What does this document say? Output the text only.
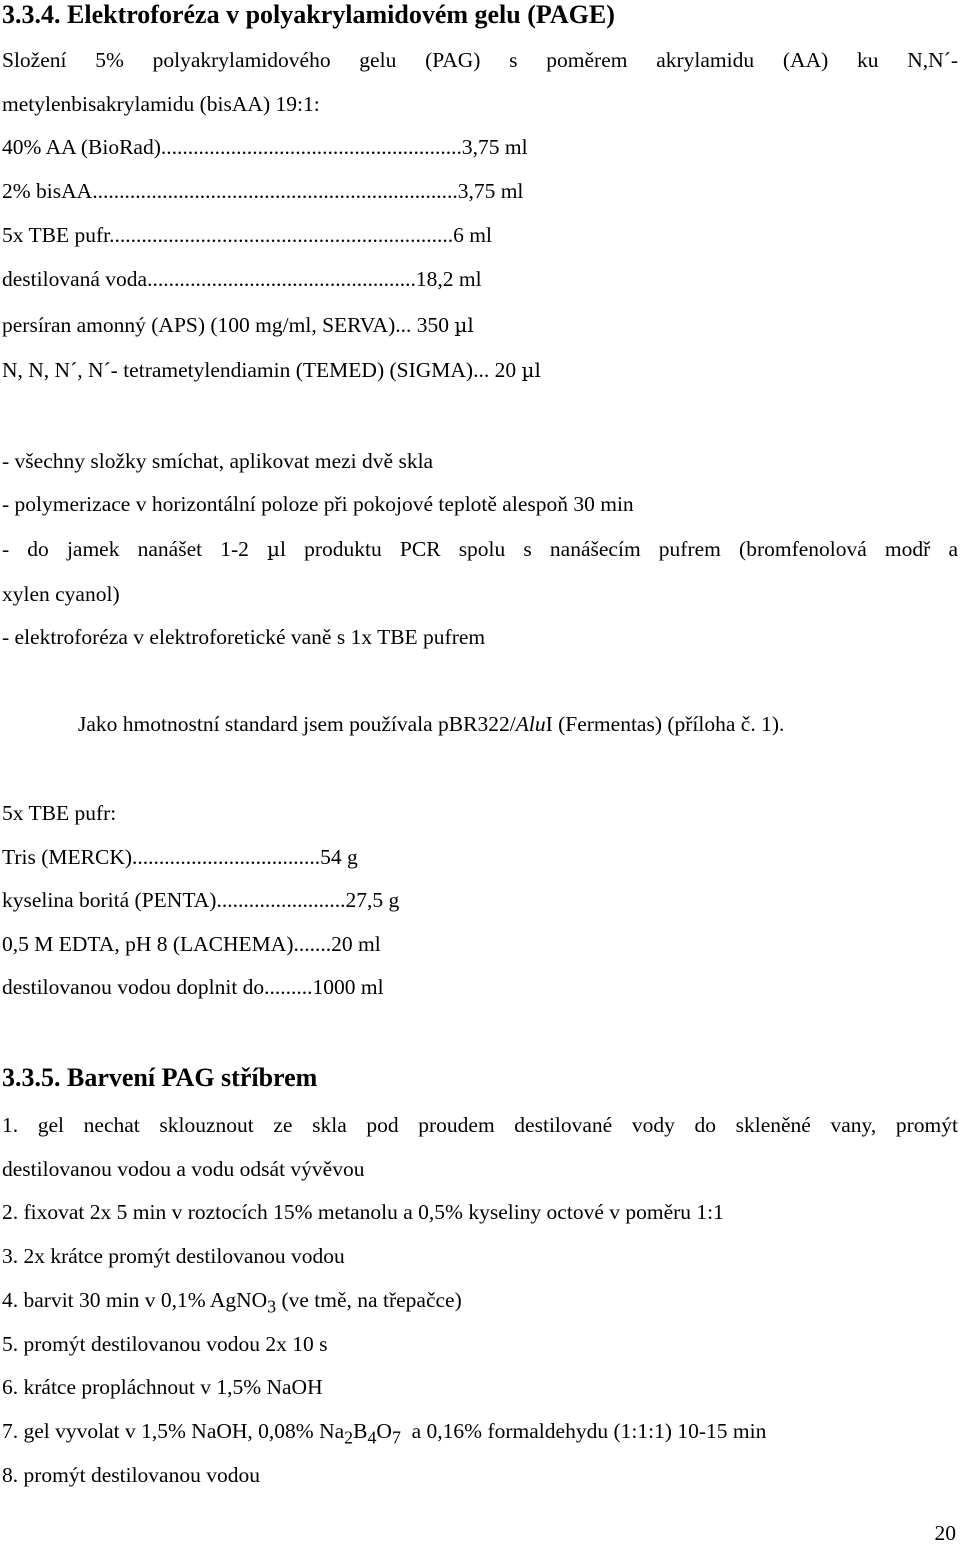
3.3.4. Elektroforéza v polyakrylamidovém gelu (PAGE)
Složení 5% polyakrylamidového gelu (PAG) s poměrem akrylamidu (AA) ku N,N´-
metylenbisakrylamidu (bisAA) 19:1:
40% AA (BioRad)........................................................3,75 ml
2% bisAA....................................................................3,75 ml
5x TBE pufr................................................................6 ml
destilovaná voda..................................................18,2 ml
persíran amonný (APS) (100 mg/ml, SERVA)... 350 µl
N, N, N´, N´- tetrametylendiamin (TEMED) (SIGMA)... 20 µl
- všechny složky smíchat, aplikovat mezi dvě skla
- polymerizace v horizontální poloze při pokojové teplotě alespoň 30 min
- do jamek nanášet 1-2 µl produktu PCR spolu s nanášecím pufrem (bromfenolová modř a
xylen cyanol)
- elektroforéza v elektroforetické vaně s 1x TBE pufrem
Jako hmotnostní standard jsem používala pBR322/AluI (Fermentas) (příloha č. 1).
5x TBE pufr:
Tris (MERCK)...................................54 g
kyselina boritá (PENTA)........................27,5 g
0,5 M EDTA, pH 8 (LACHEMA).......20 ml
destilovanou vodou doplnit do.........1000 ml
3.3.5. Barvení PAG stříbrem
1. gel nechat sklouznout ze skla pod proudem destilované vody do skleněné vany, promýt
destilovanou vodou a vodu odsát vývěvou
2. fixovat 2x 5 min v roztocích 15% metanolu a 0,5% kyseliny octové v poměru 1:1
3. 2x krátce promýt destilovanou vodou
4. barvit 30 min v 0,1% AgNO$_3$ (ve tmě, na třepačce)
5. promýt destilovanou vodou 2x 10 s
6. krátce propláchnout v 1,5% NaOH
7. gel vyvolat v 1,5% NaOH, 0,08% $Na_2B_4O_7$  a 0,16% formaldehydu (1:1:1) 10-15 min
8. promýt destilovanou vodou
20
